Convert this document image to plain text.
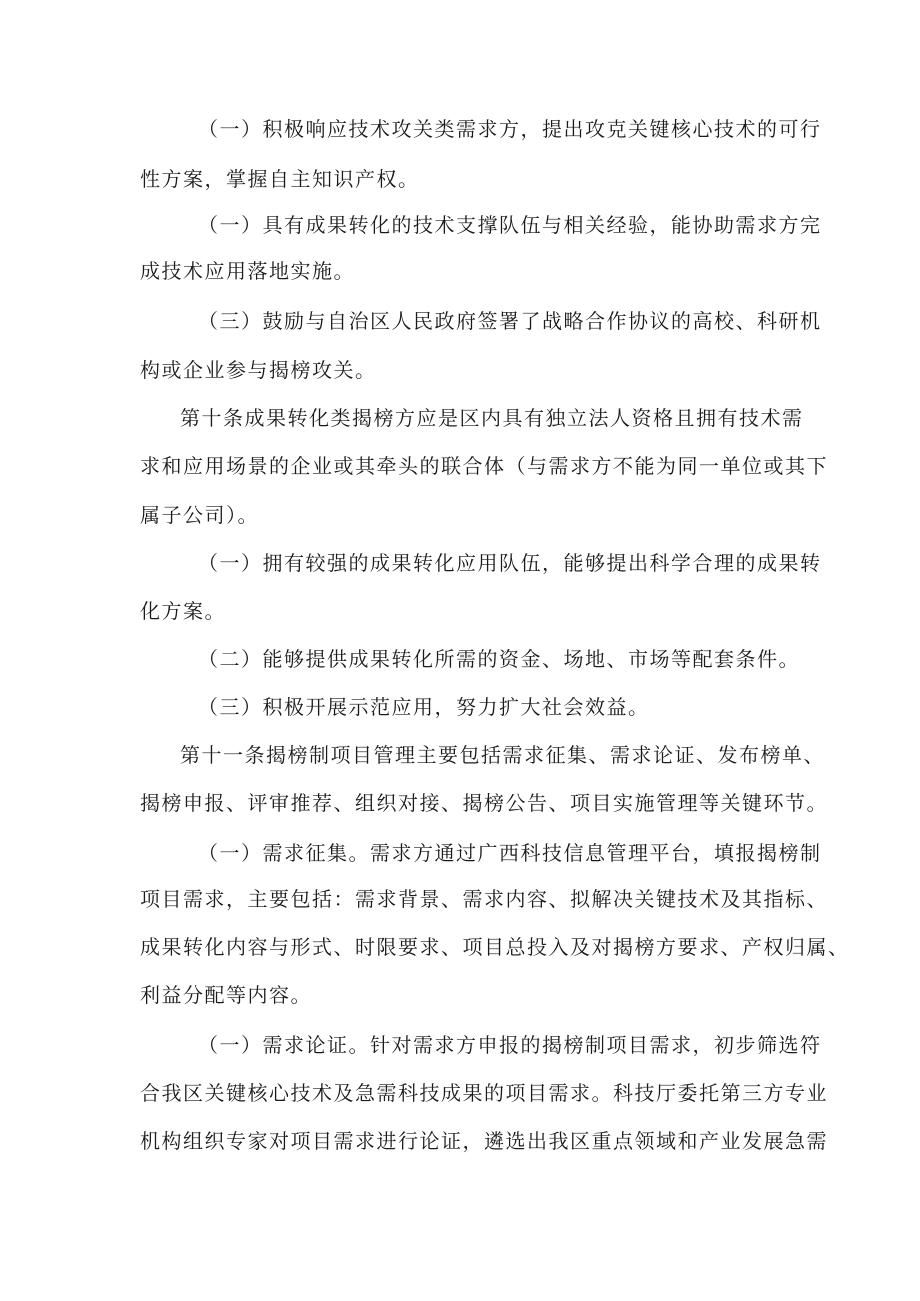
（一）积极响应技术攻关类需求方，提出攻克关键核心技术的可行
性方案，掌握自主知识产权。
（一）具有成果转化的技术支撑队伍与相关经验，能协助需求方完
成技术应用落地实施。
（三）鼓励与自治区人民政府签署了战略合作协议的高校、科研机
构或企业参与揭榜攻关。
第十条成果转化类揭榜方应是区内具有独立法人资格且拥有技术需
求和应用场景的企业或其牵头的联合体（与需求方不能为同一单位或其下
属子公司）。
（一）拥有较强的成果转化应用队伍，能够提出科学合理的成果转
化方案。
（二）能够提供成果转化所需的资金、场地、市场等配套条件。
（三）积极开展示范应用，努力扩大社会效益。
第十一条揭榜制项目管理主要包括需求征集、需求论证、发布榜单、
揭榜申报、评审推荐、组织对接、揭榜公告、项目实施管理等关键环节。
（一）需求征集。需求方通过广西科技信息管理平台，填报揭榜制
项目需求，主要包括：需求背景、需求内容、拟解决关键技术及其指标、
成果转化内容与形式、时限要求、项目总投入及对揭榜方要求、产权归属、
利益分配等内容。
（一）需求论证。针对需求方申报的揭榜制项目需求，初步筛选符
合我区关键核心技术及急需科技成果的项目需求。科技厅委托第三方专业
机构组织专家对项目需求进行论证，遴选出我区重点领域和产业发展急需
